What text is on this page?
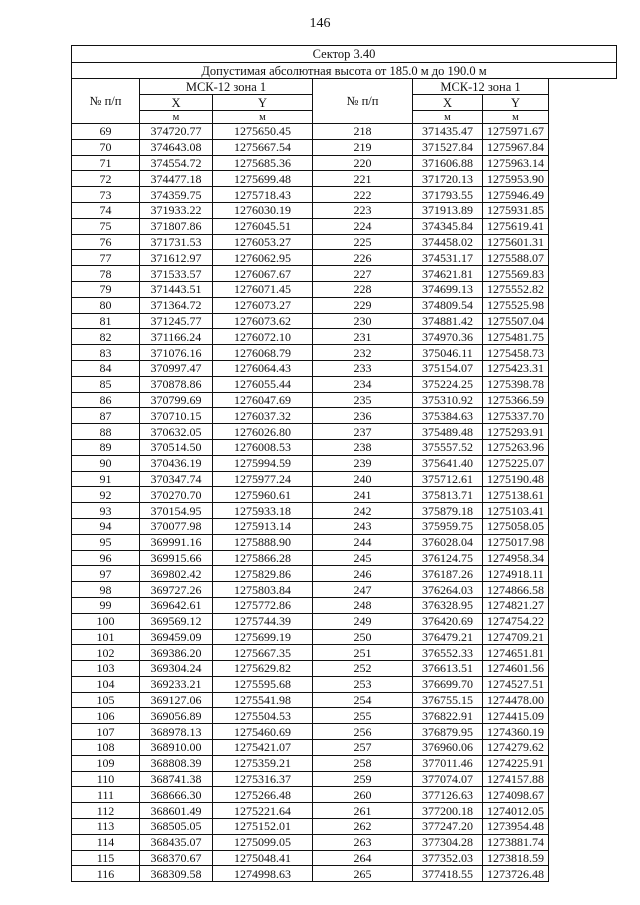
146
Сектор 3.40					
Допустимая абсолютная высота от 185.0 м до 190.0 м					
№ п/п	МСК-12 зона 1		№ п/п	МСК-12 зона 1	
	X	Y		X	Y
	м	м		м	м
69	374720.77	1275650.45	218	371435.47	1275971.67
70	374643.08	1275667.54	219	371527.84	1275967.84
71	374554.72	1275685.36	220	371606.88	1275963.14
72	374477.18	1275699.48	221	371720.13	1275953.90
73	374359.75	1275718.43	222	371793.55	1275946.49
74	371933.22	1276030.19	223	371913.89	1275931.85
75	371807.86	1276045.51	224	374345.84	1275619.41
76	371731.53	1276053.27	225	374458.02	1275601.31
77	371612.97	1276062.95	226	374531.17	1275588.07
78	371533.57	1276067.67	227	374621.81	1275569.83
79	371443.51	1276071.45	228	374699.13	1275552.82
80	371364.72	1276073.27	229	374809.54	1275525.98
81	371245.77	1276073.62	230	374881.42	1275507.04
82	371166.24	1276072.10	231	374970.36	1275481.75
83	371076.16	1276068.79	232	375046.11	1275458.73
84	370997.47	1276064.43	233	375154.07	1275423.31
85	370878.86	1276055.44	234	375224.25	1275398.78
86	370799.69	1276047.69	235	375310.92	1275366.59
87	370710.15	1276037.32	236	375384.63	1275337.70
88	370632.05	1276026.80	237	375489.48	1275293.91
89	370514.50	1276008.53	238	375557.52	1275263.96
90	370436.19	1275994.59	239	375641.40	1275225.07
91	370347.74	1275977.24	240	375712.61	1275190.48
92	370270.70	1275960.61	241	375813.71	1275138.61
93	370154.95	1275933.18	242	375879.18	1275103.41
94	370077.98	1275913.14	243	375959.75	1275058.05
95	369991.16	1275888.90	244	376028.04	1275017.98
96	369915.66	1275866.28	245	376124.75	1274958.34
97	369802.42	1275829.86	246	376187.26	1274918.11
98	369727.26	1275803.84	247	376264.03	1274866.58
99	369642.61	1275772.86	248	376328.95	1274821.27
100	369569.12	1275744.39	249	376420.69	1274754.22
101	369459.09	1275699.19	250	376479.21	1274709.21
102	369386.20	1275667.35	251	376552.33	1274651.81
103	369304.24	1275629.82	252	376613.51	1274601.56
104	369233.21	1275595.68	253	376699.70	1274527.51
105	369127.06	1275541.98	254	376755.15	1274478.00
106	369056.89	1275504.53	255	376822.91	1274415.09
107	368978.13	1275460.69	256	376879.95	1274360.19
108	368910.00	1275421.07	257	376960.06	1274279.62
109	368808.39	1275359.21	258	377011.46	1274225.91
110	368741.38	1275316.37	259	377074.07	1274157.88
111	368666.30	1275266.48	260	377126.63	1274098.67
112	368601.49	1275221.64	261	377200.18	1274012.05
113	368505.05	1275152.01	262	377247.20	1273954.48
114	368435.07	1275099.05	263	377304.28	1273881.74
115	368370.67	1275048.41	264	377352.03	1273818.59
116	368309.58	1274998.63	265	377418.55	1273726.48
